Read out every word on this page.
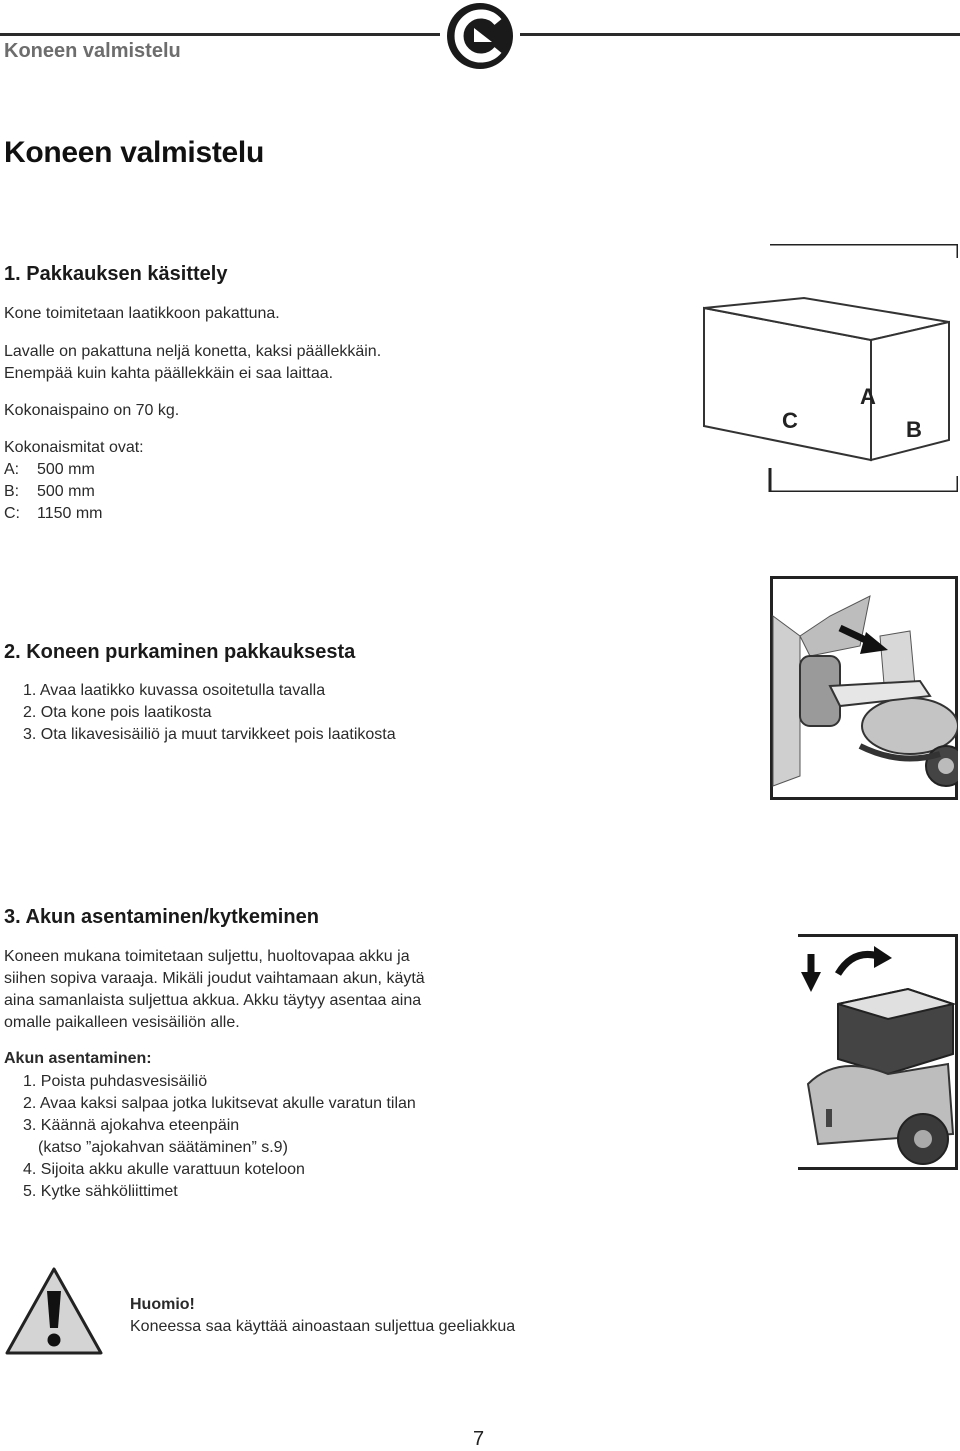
Koneen valmistelu
Koneen valmistelu
1. Pakkauksen käsittely
Kone toimitetaan laatikkoon pakattuna.
Lavalle on pakattuna neljä konetta, kaksi päällekkäin.
Enempää kuin kahta päällekkäin ei saa laittaa.
Kokonaispaino on 70 kg.
Kokonaismitat ovat:
A:	500 mm
B:	500 mm
C:	1150 mm
C
A
B
2. Koneen purkaminen pakkauksesta
1. Avaa laatikko kuvassa osoitetulla tavalla
2. Ota kone pois laatikosta
3. Ota likavesisäiliö ja muut tarvikkeet pois laatikosta
3. Akun asentaminen/kytkeminen
Koneen mukana toimitetaan suljettu, huoltovapaa akku ja
siihen sopiva varaaja. Mikäli joudut vaihtamaan akun, käytä
aina samanlaista suljettua akkua. Akku täytyy asentaa aina
omalle paikalleen vesisäiliön alle.
Akun asentaminen:
1. Poista puhdasvesisäiliö
2. Avaa kaksi salpaa jotka lukitsevat akulle varatun tilan
3. Käännä ajokahva eteenpäin
(katso ”ajokahvan säätäminen” s.9)
4. Sijoita akku akulle varattuun koteloon
5. Kytke sähköliittimet
Huomio!
Koneessa saa käyttää ainoastaan suljettua geeliakkua
7
